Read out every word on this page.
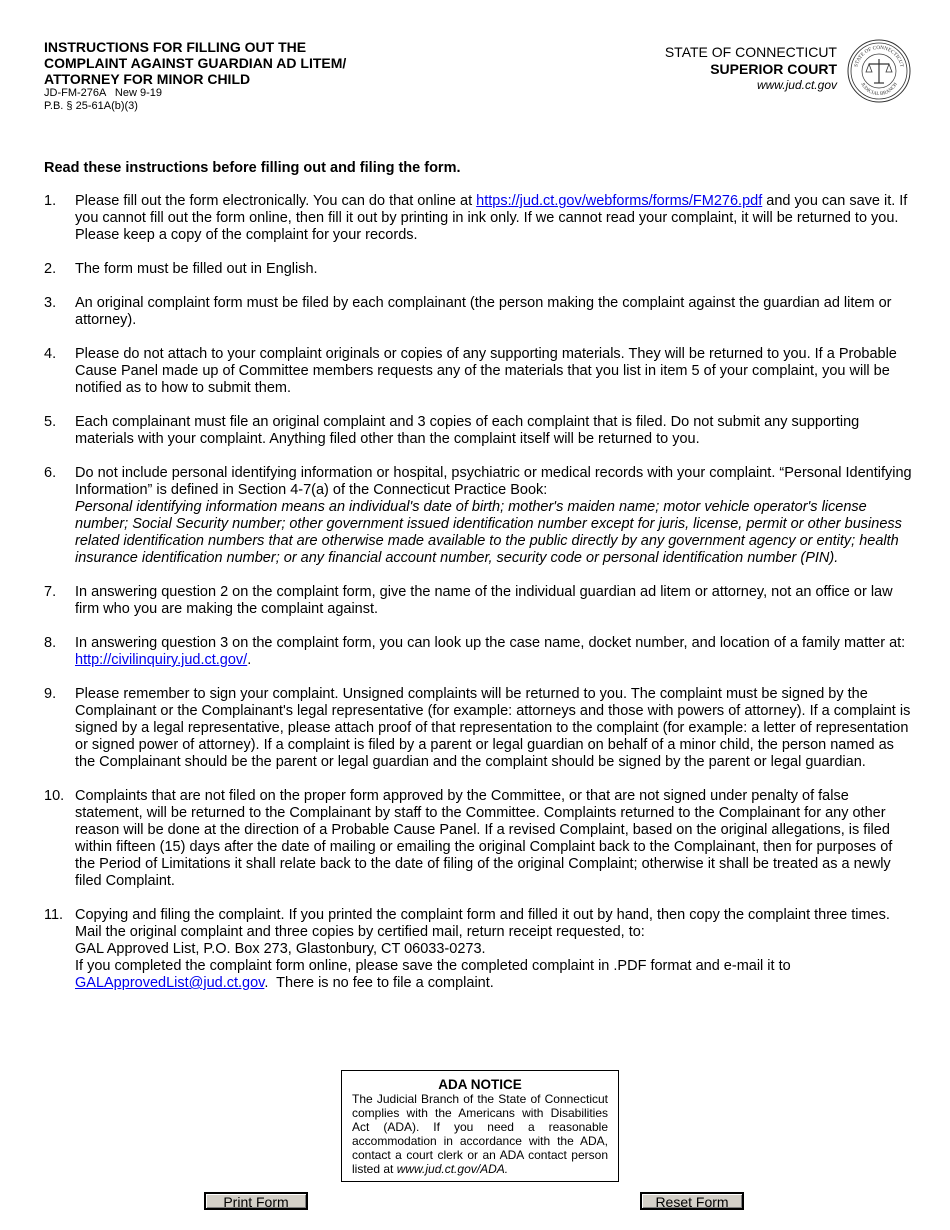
INSTRUCTIONS FOR FILLING OUT THE
COMPLAINT AGAINST GUARDIAN AD LITEM/
ATTORNEY FOR MINOR CHILD
JD-FM-276A   New 9-19
P.B. § 25-61A(b)(3)
STATE OF CONNECTICUT
SUPERIOR COURT
www.jud.ct.gov
STATE OF CONNECTICUT
JUDICIAL BRANCH
Read these instructions before filling out and filing the form.
1.	Please fill out the form electronically. You can do that online at https://jud.ct.gov/webforms/forms/FM276.pdf and you can save it. If you cannot fill out the form online, then fill it out by printing in ink only. If we cannot read your complaint, it will be returned to you. Please keep a copy of the complaint for your records.
2.	The form must be filled out in English.
3.	An original complaint form must be filed by each complainant (the person making the complaint against the guardian ad litem or attorney).
4.	Please do not attach to your complaint originals or copies of any supporting materials. They will be returned to you. If a Probable Cause Panel made up of Committee members requests any of the materials that you list in item 5 of your complaint, you will be notified as to how to submit them.
5.	Each complainant must file an original complaint and 3 copies of each complaint that is filed. Do not submit any supporting materials with your complaint. Anything filed other than the complaint itself will be returned to you.
6.	Do not include personal identifying information or hospital, psychiatric or medical records with your complaint. “Personal Identifying Information” is defined in Section 4-7(a) of the Connecticut Practice Book:

Personal identifying information means an individual's date of birth; mother's maiden name; motor vehicle operator's license number; Social Security number; other government issued identification number except for juris, license, permit or other business related identification numbers that are otherwise made available to the public directly by any government agency or entity; health insurance identification number; or any financial account number, security code or personal identification number (PIN).

7.	In answering question 2 on the complaint form, give the name of the individual guardian ad litem or attorney, not an office or law firm who you are making the complaint against.
8.	In answering question 3 on the complaint form, you can look up the case name, docket number, and location of a family matter at: http://civilinquiry.jud.ct.gov/.
9.	Please remember to sign your complaint. Unsigned complaints will be returned to you. The complaint must be signed by the Complainant or the Complainant's legal representative (for example: attorneys and those with powers of attorney). If a complaint is signed by a legal representative, please attach proof of that representation to the complaint (for example: a letter of representation or signed power of attorney). If a complaint is filed by a parent or legal guardian on behalf of a minor child, the person named as the Complainant should be the parent or legal guardian and the complaint should be signed by the parent or legal guardian.
10. Complaints that are not filed on the proper form approved by the Committee, or that are not signed under penalty of false statement, will be returned to the Complainant by staff to the Committee. Complaints returned to the Complainant for any other reason will be done at the direction of a Probable Cause Panel. If a revised Complaint, based on the original allegations, is filed within fifteen (15) days after the date of mailing or emailing the original Complaint back to the Complainant, then for purposes of the Period of Limitations it shall relate back to the date of filing of the original Complaint; otherwise it shall be treated as a newly filed Complaint.
11. Copying and filing the complaint. If you printed the complaint form and filled it out by hand, then copy the complaint three times. Mail the original complaint and three copies by certified mail, return receipt requested, to:

GAL Approved List, P.O. Box 273, Glastonbury, CT 06033-0273.

If you completed the complaint form online, please save the completed complaint in .PDF format and e-mail it to

GALApprovedList@jud.ct.gov.  There is no fee to file a complaint.

ADA NOTICE
The Judicial Branch of the State of Connecticut complies with the Americans with Disabilities Act (ADA). If you need a reasonable accommodation in accordance with the ADA, contact a court clerk or an ADA contact person listed at www.jud.ct.gov/ADA.
Print Form	Reset Form
